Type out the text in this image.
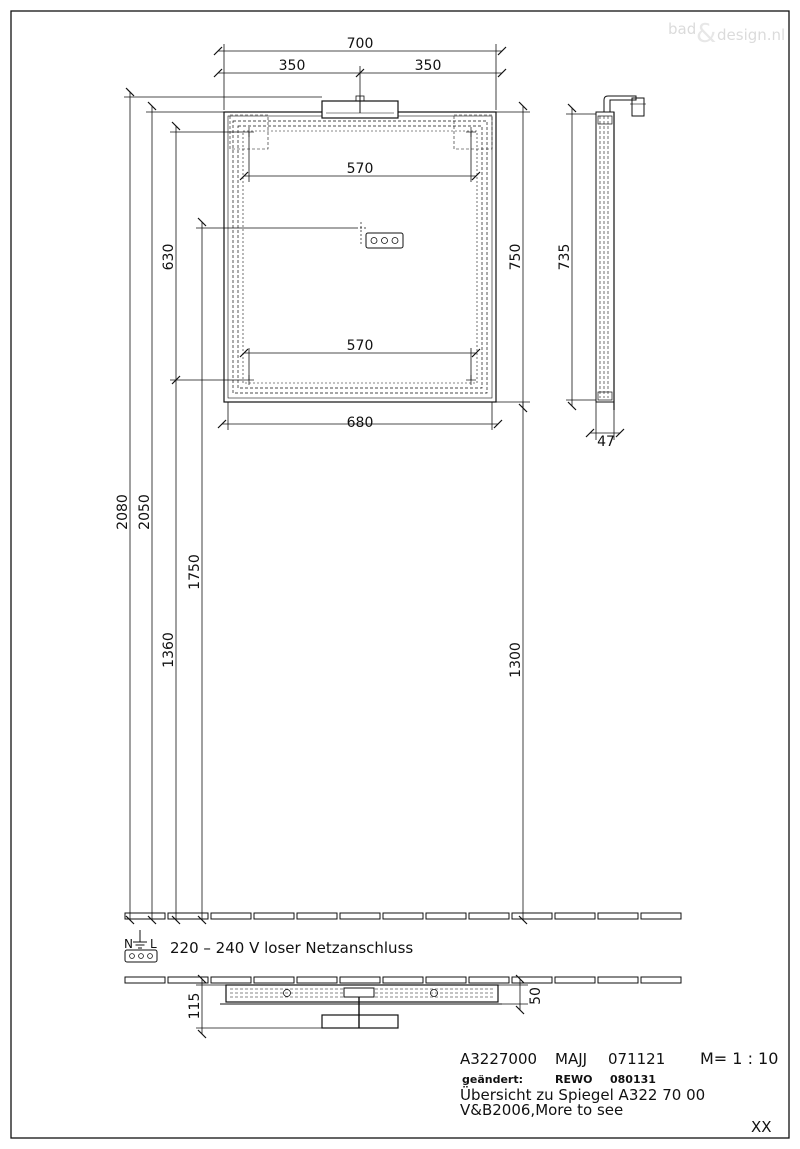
bad & design.nl
700
350	350
570
570
680
750 735
47
2080 2050
630
1360
1750
1300
N L 220 – 240 V loser Netzanschluss
115	50
A3227000 MAJJ 071121 M= 1 : 10
geändert:	REWO 080131
Übersicht zu Spiegel A322 70 00
V&B2006,More to see
XX
